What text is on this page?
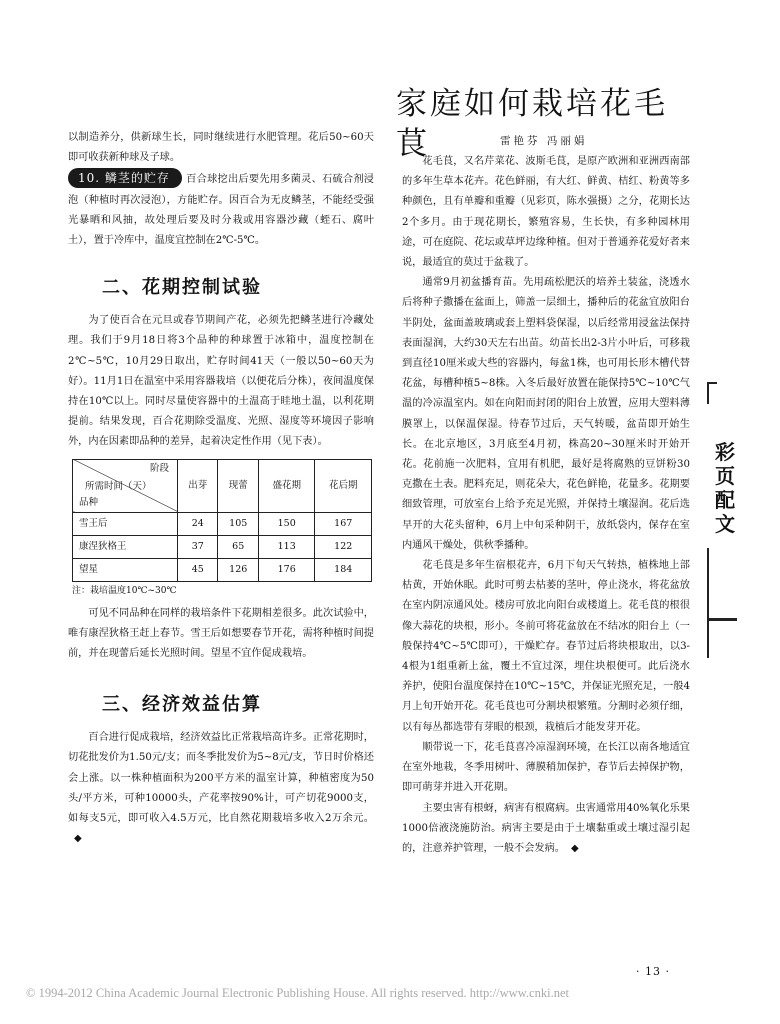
以制造养分，供新球生长，同时继续进行水肥管理。花后50~60天即可收获新种球及子球。

10. 鳞茎的贮存 百合球挖出后要先用多菌灵、石硫合剂浸泡（种植时再次浸泡），方能贮存。因百合为无皮鳞茎，不能经受强光暴晒和风抽，故处理后要及时分栽或用容器沙藏（蛭石、腐叶土），置于冷库中，温度宜控制在2℃-5℃。

二、花期控制试验

为了使百合在元旦或春节期间产花，必须先把鳞茎进行冷藏处理。我们于9月18日将3个品种的种球置于冰箱中，温度控制在2℃~5℃，10月29日取出，贮存时间41天（一般以50~60天为好）。11月1日在温室中采用容器栽培（以便花后分株），夜间温度保持在10℃以上。同时尽量使容器中的土温高于眭地土温，以利花期提前。结果发现，百合花期除受温度、光照、湿度等环境因子影响外，内在因素即品种的差异，起着决定性作用（见下表）。

阶段
所需时间（天）
品种	出芽	现蕾	盛花期	花后期
雪王后	24	105	150	167
康涅狄格王	37	65	113	122
望星	45	126	176	184
注：栽培温度10℃~30℃

可见不同品种在同样的栽培条件下花期相差很多。此次试验中，唯有康涅狄格王赶上春节。雪王后如想要春节开花，需将种植时间提前，并在现蕾后延长光照时间。望星不宜作促成栽培。

三、经济效益估算

百合进行促成栽培，经济效益比正常栽培高许多。正常花期时，切花批发价为1.50元/支；而冬季批发价为5~8元/支，节日时价格还会上涨。以一株种植面积为200平方米的温室计算，种植密度为50头/平方米，可种10000头，产花率按90%计，可产切花9000支，如每支5元，即可收入4.5万元，比自然花期栽培多收入2万余元。◆

家庭如何栽培花毛茛	雷艳芬 冯丽娟

花毛茛，又名芹菜花、波斯毛茛，是原产欧洲和亚洲西南部的多年生草本花卉。花色鲜丽，有大红、鲜黄、桔红、粉黄等多种颜色，且有单瓣和重瓣（见彩页，陈水强摄）之分，花期长达2个多月。由于现花期长，繁殖容易，生长快，有多种园林用途，可在庭院、花坛或草坪边缘种植。但对于普通养花爱好者来说，最适宜的莫过于盆栽了。

通常9月初盆播育苗。先用疏松肥沃的培养土装盆，浇透水后将种子撒播在盆面上，筛盖一层细土，播种后的花盆宜放阳台半阴处，盆面盖玻璃或套上塑料袋保湿，以后经常用浸盆法保持表面湿润，大约30天左右出苗。幼苗长出2-3片小叶后，可移栽到直径10厘米或大些的容器内，每盆1株，也可用长形木槽代替花盆，每槽种植5~8株。入冬后最好放置在能保持5℃~10℃气温的冷凉温室内。如在向阳而封闭的阳台上放置，应用大塑料薄膜罩上，以保温保湿。待春节过后，天气转暖，盆苗即开始生长。在北京地区，3月底至4月初，株高20~30厘米时开始开花。花前施一次肥料，宜用有机肥，最好是将腐熟的豆饼粉30克撒在土表。肥料充足，则花朵大，花色鲜艳，花量多。花期要细致管理，可放室台上给予充足光照，并保持土壤湿润。花后选早开的大花头留种，6月上中旬采种阴干，放纸袋内，保存在室内通风干燥处，供秋季播种。

花毛茛是多年生宿根花卉，6月下旬天气转热，植株地上部枯黄，开始休眠。此时可剪去枯萎的茎叶，停止浇水，将花盆放在室内阴凉通风处。楼房可放北向阳台或楼道上。花毛茛的根很像大蒜花的块根，形小。冬前可将花盆放在不结冰的阳台上（一般保持4℃~5℃即可），干燥贮存。春节过后将块根取出，以3-4根为1组重新上盆，覆土不宜过深，埋住块根便可。此后浇水养护，使阳台温度保持在10℃~15℃，并保证光照充足，一般4月上旬开始开花。花毛茛也可分割块根繁殖。分割时必须仔细，以有每丛都选带有芽眼的根颈，栽植后才能发芽开花。

顺带说一下，花毛茛喜冷凉湿润环境，在长江以南各地适宜在室外地栽，冬季用树叶、薄膜稍加保护，春节后去掉保护物，即可萌芽并进入开花期。

主要虫害有根蚜，病害有根腐病。虫害通常用40%氧化乐果1000倍液浇施防治。病害主要是由于土壤黏重或土壤过湿引起的，注意养护管理，一般不会发病。 ◆

彩页配文
· 13 ·
© 1994-2012 China Academic Journal Electronic Publishing House. All rights reserved. http://www.cnki.net
